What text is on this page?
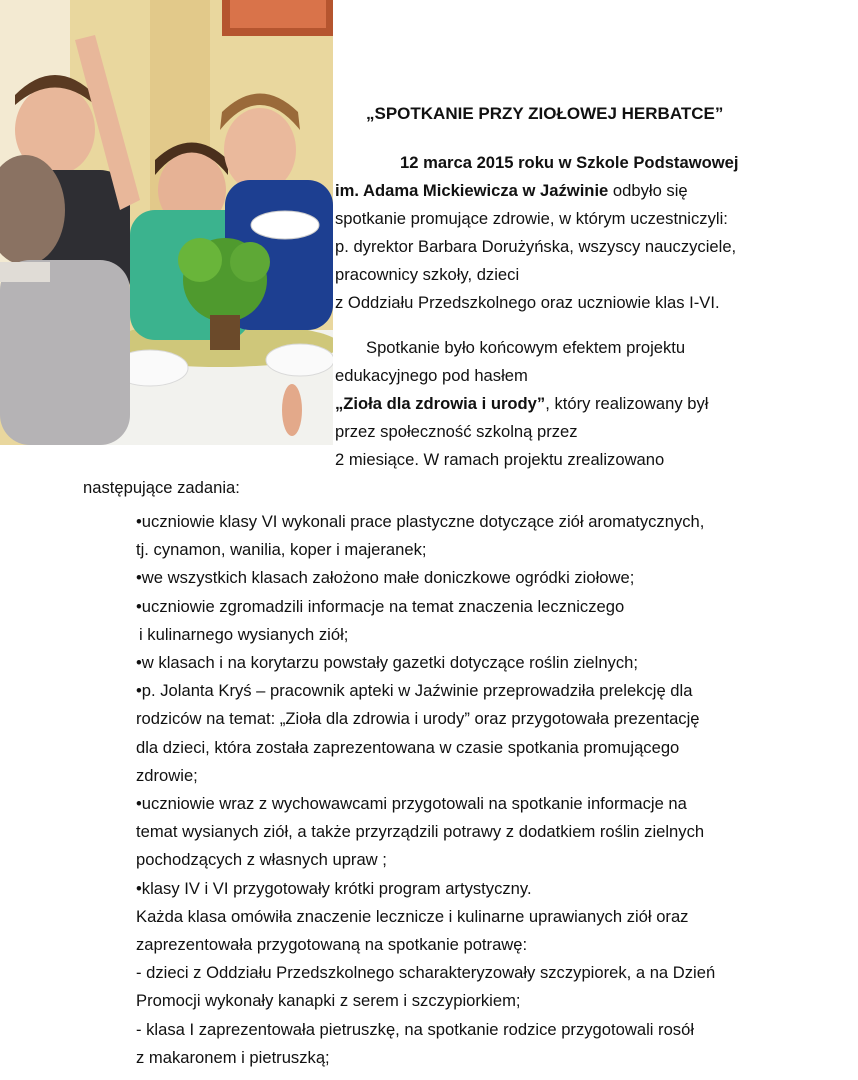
„SPOTKANIE PRZY ZIOŁOWEJ HERBATCE”
12 marca 2015 roku w Szkole Podstawowej
im. Adama Mickiewicza w Jaźwinie odbyło się
spotkanie promujące zdrowie, w którym uczestniczyli:
p. dyrektor Barbara Dorużyńska, wszyscy nauczyciele,
pracownicy szkoły, dzieci
z Oddziału Przedszkolnego oraz uczniowie klas I-VI.
Spotkanie było końcowym efektem projektu
edukacyjnego pod hasłem
„Zioła dla zdrowia i urody”, który realizowany był
przez społeczność szkolną przez
2 miesiące. W ramach projektu zrealizowano
następujące zadania:
•uczniowie klasy VI wykonali prace plastyczne dotyczące ziół aromatycznych,
tj. cynamon, wanilia, koper i majeranek;
•we wszystkich klasach założono małe doniczkowe ogródki ziołowe;
•uczniowie zgromadzili informacje na temat znaczenia leczniczego
i kulinarnego wysianych ziół;
•w klasach i na korytarzu powstały gazetki dotyczące roślin zielnych;
•p. Jolanta Kryś – pracownik apteki w Jaźwinie przeprowadziła prelekcję dla
rodziców na temat: „Zioła dla zdrowia i urody” oraz przygotowała prezentację
dla dzieci, która została zaprezentowana w czasie spotkania promującego
zdrowie;
•uczniowie wraz z wychowawcami przygotowali na spotkanie informacje na
temat wysianych ziół, a także przyrządzili potrawy z dodatkiem roślin zielnych
pochodzących z własnych upraw ;
•klasy IV i VI przygotowały krótki program artystyczny.
Każda klasa omówiła znaczenie lecznicze i kulinarne uprawianych ziół oraz
zaprezentowała przygotowaną na spotkanie potrawę:
- dzieci z Oddziału Przedszkolnego scharakteryzowały szczypiorek, a na Dzień
Promocji wykonały kanapki z serem i szczypiorkiem;
- klasa I zaprezentowała pietruszkę, na spotkanie rodzice przygotowali rosół
z makaronem i pietruszką;
